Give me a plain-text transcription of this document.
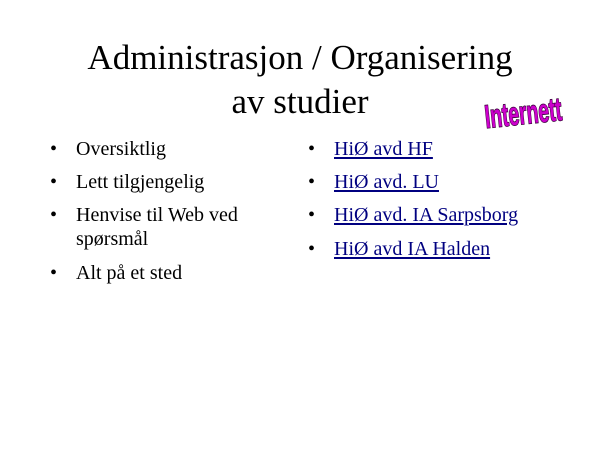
Administrasjon / Organisering
av studier	Internett
• Oversiktlig
• Lett tilgjengelig
• Henvise til Web ved spørsmål
• Alt på et sted
• HiØ avd HF
• HiØ avd. LU
• HiØ avd. IA Sarpsborg
• HiØ avd IA Halden
